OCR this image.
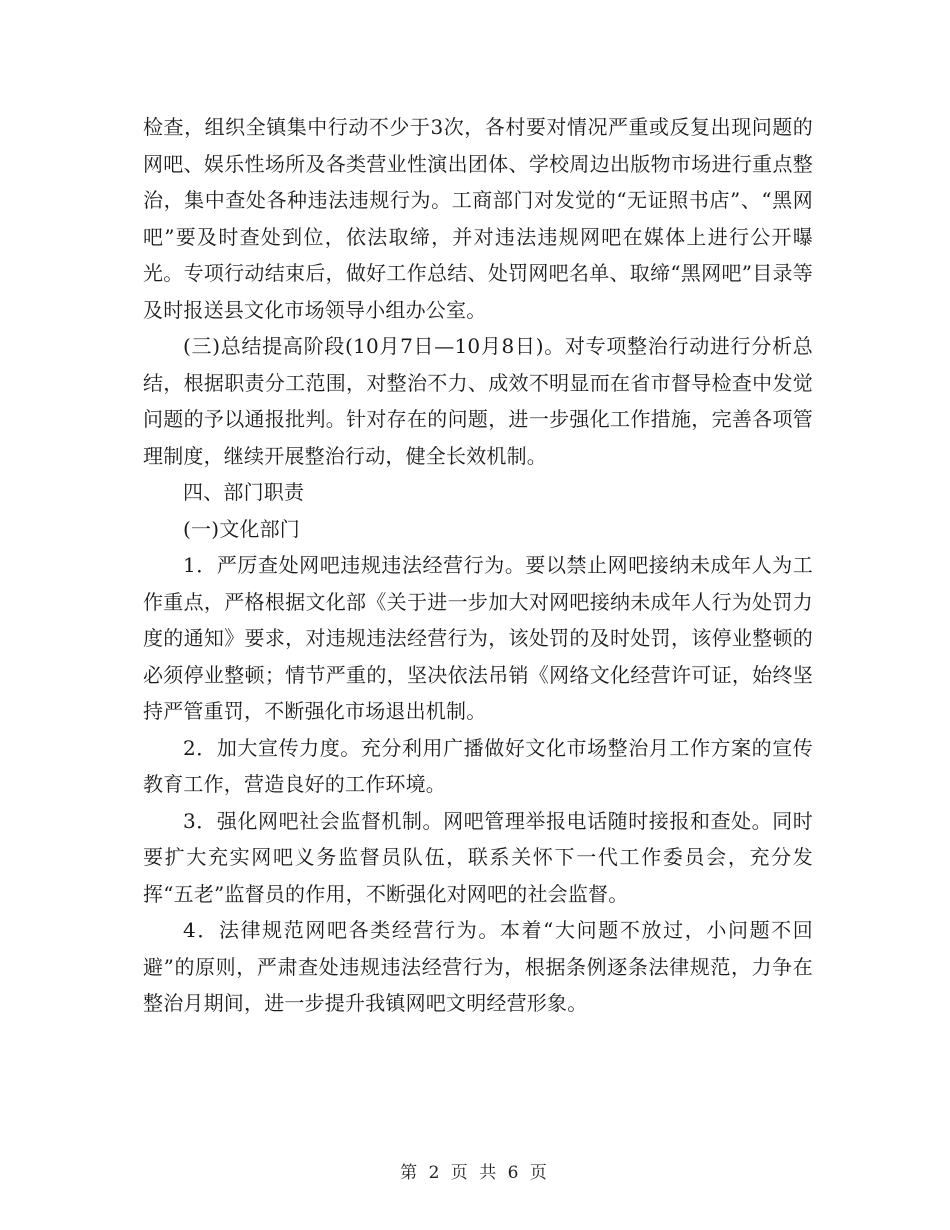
检查，组织全镇集中行动不少于3次，各村要对情况严重或反复出现问题的网吧、娱乐性场所及各类营业性演出团体、学校周边出版物市场进行重点整治，集中查处各种违法违规行为。工商部门对发觉的“无证照书店”、“黑网吧”要及时查处到位，依法取缔，并对违法违规网吧在媒体上进行公开曝光。专项行动结束后，做好工作总结、处罚网吧名单、取缔“黑网吧”目录等及时报送县文化市场领导小组办公室。

(三)总结提高阶段(10月7日—10月8日)。对专项整治行动进行分析总结，根据职责分工范围，对整治不力、成效不明显而在省市督导检查中发觉问题的予以通报批判。针对存在的问题，进一步强化工作措施，完善各项管理制度，继续开展整治行动，健全长效机制。

四、部门职责

(一)文化部门

1．严厉查处网吧违规违法经营行为。要以禁止网吧接纳未成年人为工作重点，严格根据文化部《关于进一步加大对网吧接纳未成年人行为处罚力度的通知》要求，对违规违法经营行为，该处罚的及时处罚，该停业整顿的必须停业整顿；情节严重的，坚决依法吊销《网络文化经营许可证，始终坚持严管重罚，不断强化市场退出机制。

2．加大宣传力度。充分利用广播做好文化市场整治月工作方案的宣传教育工作，营造良好的工作环境。

3．强化网吧社会监督机制。网吧管理举报电话随时接报和查处。同时要扩大充实网吧义务监督员队伍，联系关怀下一代工作委员会，充分发挥“五老”监督员的作用，不断强化对网吧的社会监督。

4．法律规范网吧各类经营行为。本着“大问题不放过，小问题不回避”的原则，严肃查处违规违法经营行为，根据条例逐条法律规范，力争在整治月期间，进一步提升我镇网吧文明经营形象。

第 2 页 共 6 页
